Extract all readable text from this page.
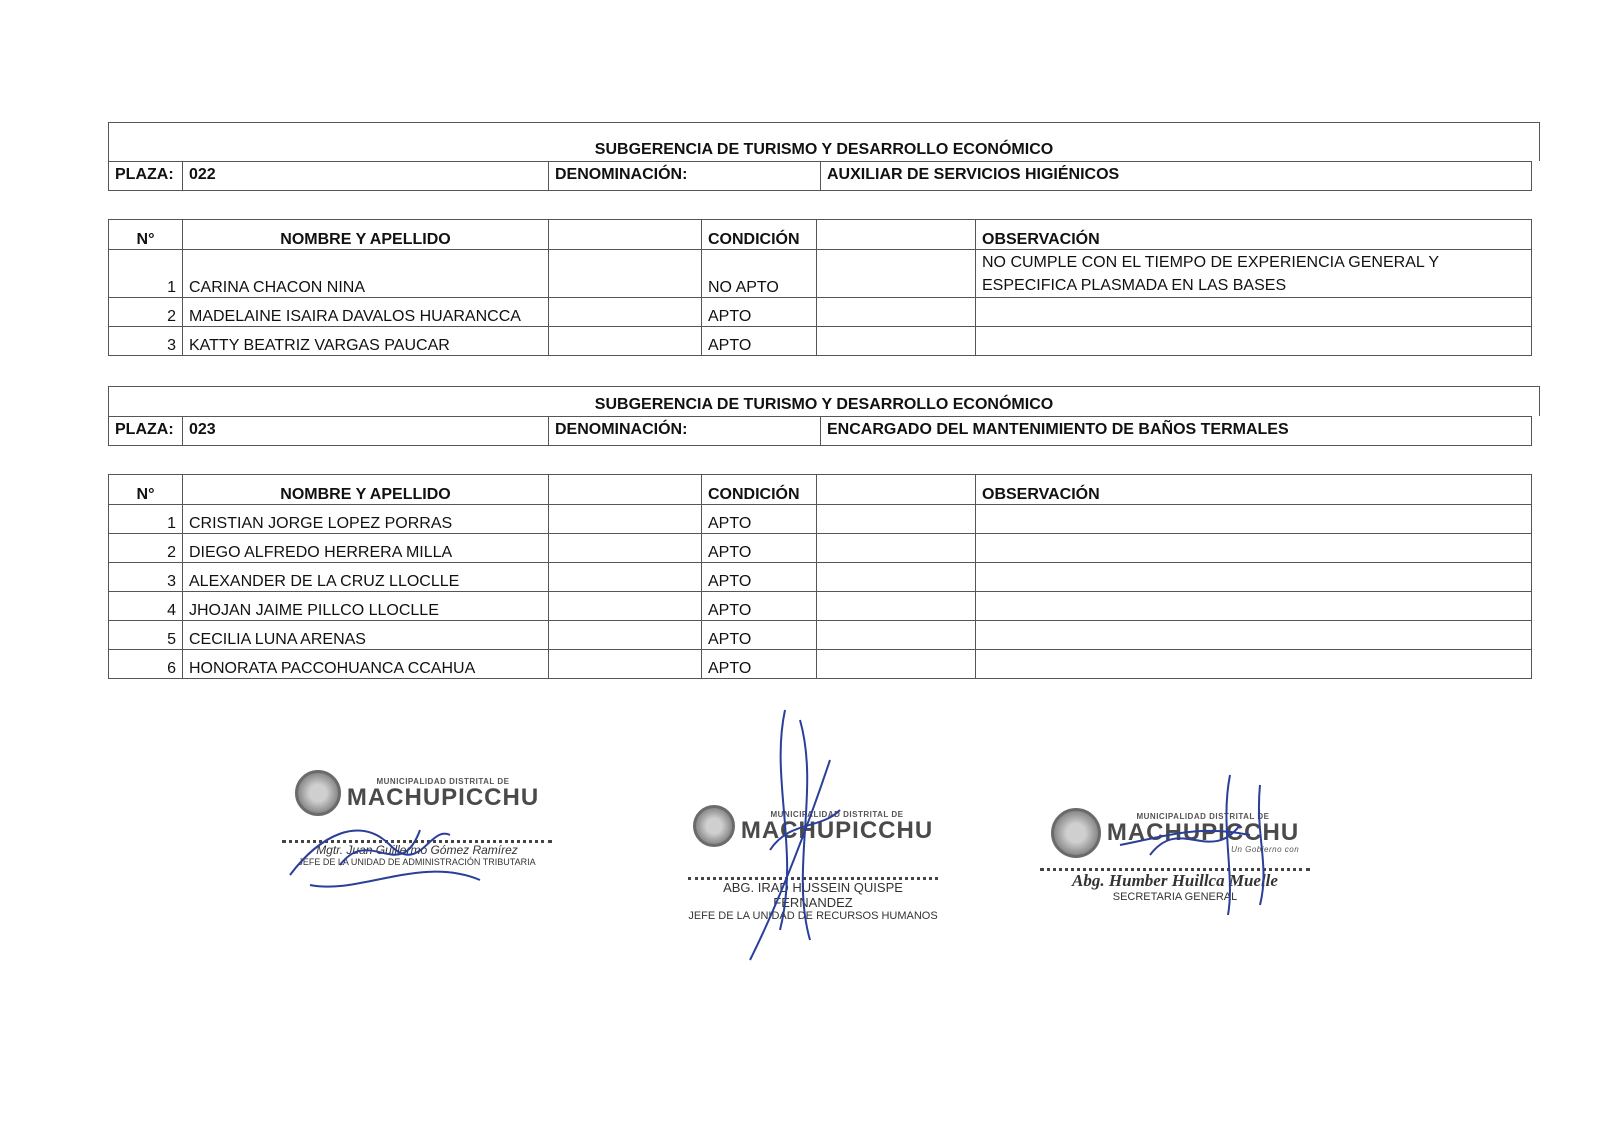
SUBGERENCIA DE TURISMO Y DESARROLLO ECONÓMICO
PLAZA: 022	DENOMINACIÓN:	AUXILIAR DE SERVICIOS HIGIÉNICOS
N°	NOMBRE Y APELLIDO		CONDICIÓN		OBSERVACIÓN
1	CARINA CHACON NINA		NO APTO		NO CUMPLE CON EL TIEMPO DE EXPERIENCIA GENERAL Y ESPECIFICA PLASMADA EN LAS BASES
2	MADELAINE ISAIRA DAVALOS HUARANCCA		APTO		
3	KATTY BEATRIZ VARGAS PAUCAR		APTO		
SUBGERENCIA DE TURISMO Y DESARROLLO ECONÓMICO
PLAZA: 023	DENOMINACIÓN:	ENCARGADO DEL MANTENIMIENTO DE BAÑOS TERMALES
N°	NOMBRE Y APELLIDO		CONDICIÓN		OBSERVACIÓN
1	CRISTIAN JORGE LOPEZ PORRAS		APTO		
2	DIEGO ALFREDO HERRERA MILLA		APTO		
3	ALEXANDER DE LA CRUZ LLOCLLE		APTO		
4	JHOJAN JAIME PILLCO LLOCLLE		APTO		
5	CECILIA LUNA ARENAS		APTO		
6	HONORATA PACCOHUANCA CCAHUA		APTO		
MUNICIPALIDAD DISTRITAL DE
MACHUPICCHU
Mgtr. Juan Guillermo Gómez Ramírez
JEFE DE LA UNIDAD DE ADMINISTRACIÓN TRIBUTARIA
MUNICIPALIDAD DISTRITAL DE
MACHUPICCHU
ABG. IRAD HUSSEIN QUISPE FERNANDEZ
JEFE DE LA UNIDAD DE RECURSOS HUMANOS
MUNICIPALIDAD DISTRITAL DE
MACHUPICCHU
Un Gobierno con
Abg. Humber Huillca Muelle
SECRETARIA GENERAL
